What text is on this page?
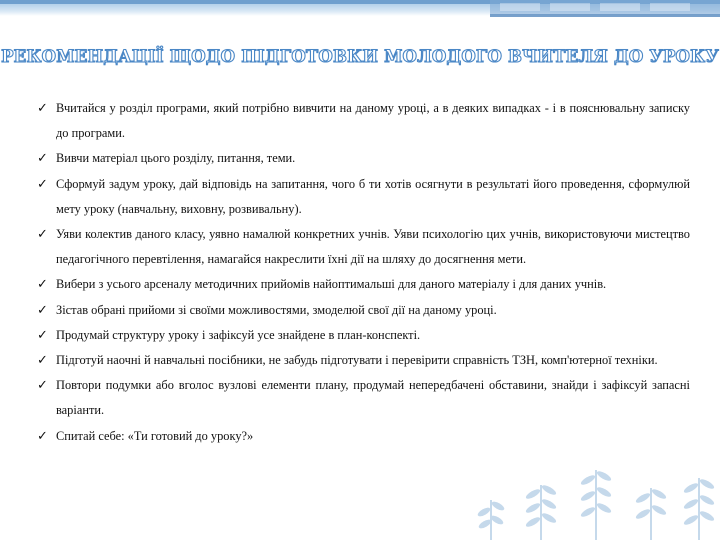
РЕКОМЕНДАЦІЇ ЩОДО ПІДГОТОВКИ МОЛОДОГО ВЧИТЕЛЯ ДО УРОКУ

✓ Вчитайся у розділ програми, який потрібно вивчити на даному уроці, а в деяких випадках - і в пояснювальну записку до програми.

✓ Вивчи матеріал цього розділу, питання, теми.

✓ Сформуй задум уроку, дай відповідь на запитання, чого б ти хотів осягнути в результаті його проведення, сформулюй мету уроку (навчальну, виховну, розвивальну).

✓ Уяви колектив даного класу, уявно намалюй конкретних учнів. Уяви психологію цих учнів, використовуючи мистецтво педагогічного перевтілення, намагайся накреслити їхні дії на шляху до досягнення мети.

✓ Вибери з усього арсеналу методичних прийомів найоптимальші для даного матеріалу і для даних учнів.

✓ Зістав обрані прийоми зі своїми можливостями, змоделюй свої дії на даному уроці.

✓ Продумай структуру уроку і зафіксуй усе знайдене в план-конспекті.

✓ Підготуй наочні й навчальні посібники, не забудь підготувати і перевірити справність ТЗН, комп'ютерної техніки.

✓ Повтори подумки або вголос вузлові елементи плану, продумай непередбачені обставини, знайди і зафіксуй запасні варіанти.

✓ Спитай себе: «Ти готовий до уроку?»
